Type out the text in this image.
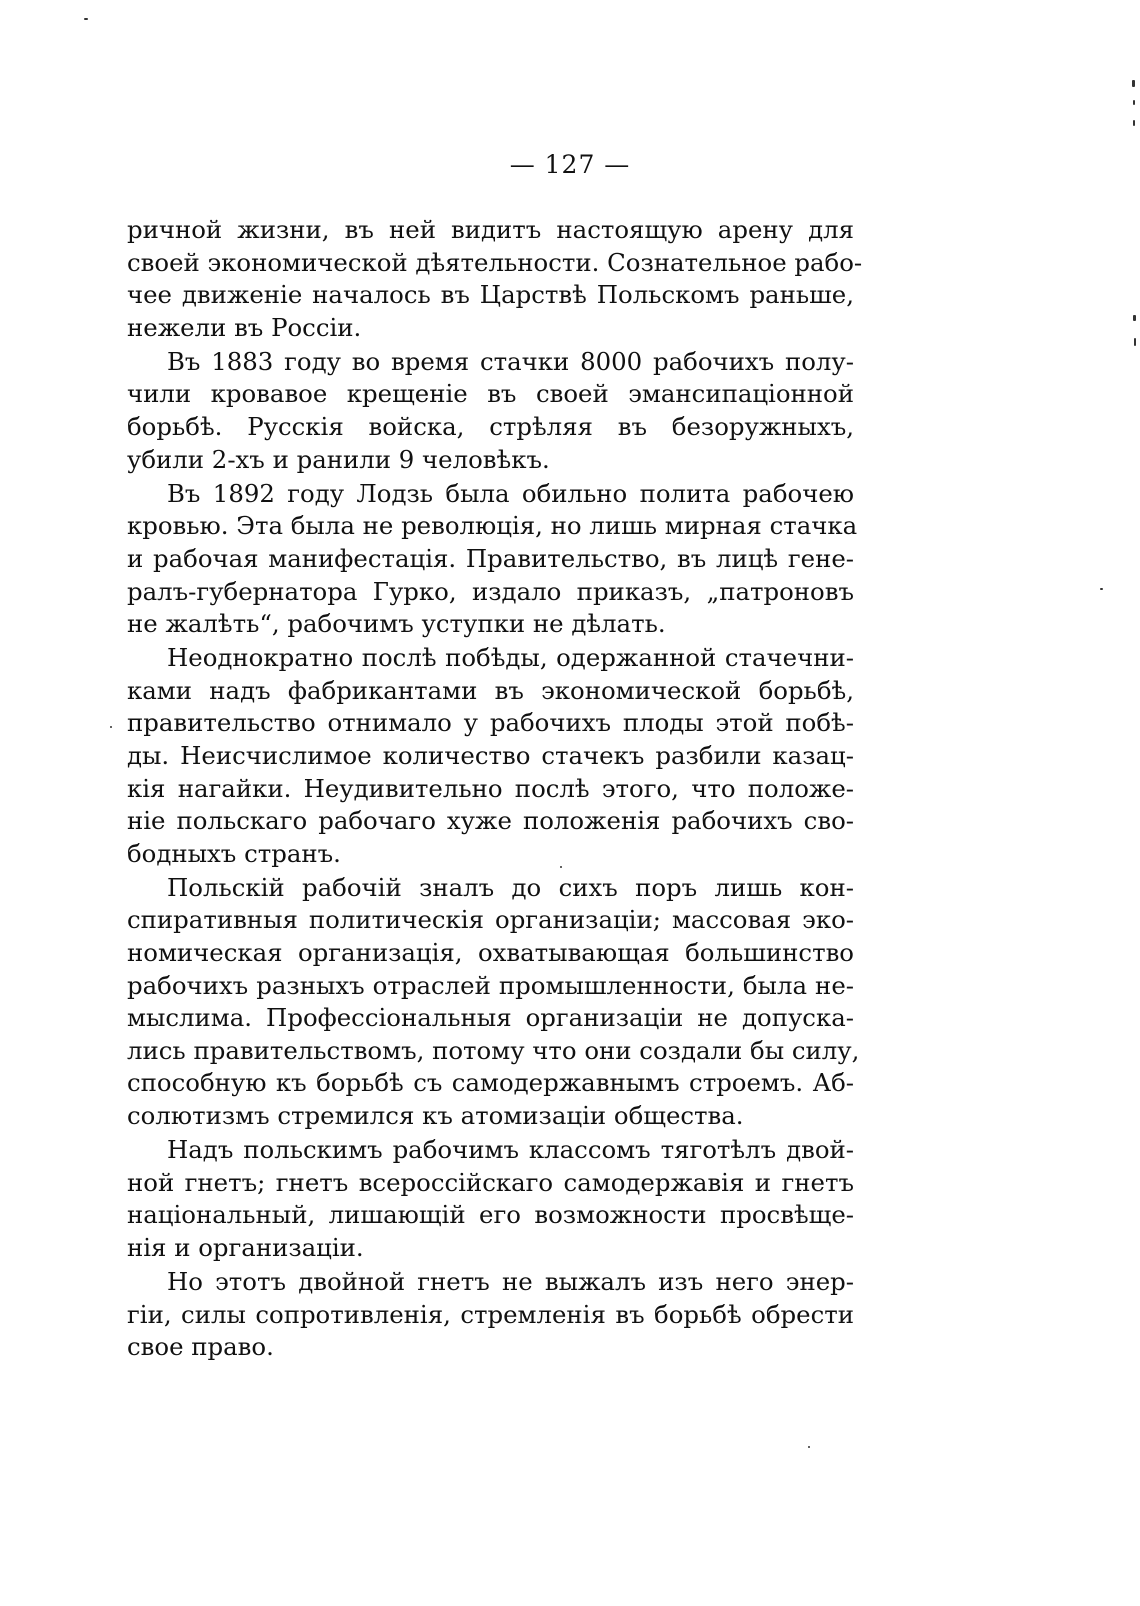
— 127 —
ричной жизни, въ ней видитъ настоящую арену для
своей экономической дѣятельности. Сознательное рабо-
чее движеніе началось въ Царствѣ Польскомъ раньше,
нежели въ Россіи.
Въ 1883 году во время стачки 8000 рабочихъ полу-
чили кровавое крещеніе въ своей эмансипаціонной
борьбѣ. Русскія войска, стрѣляя въ безоружныхъ,
убили 2-хъ и ранили 9 человѣкъ.
Въ 1892 году Лодзь была обильно полита рабочею
кровью. Эта была не революція, но лишь мирная стачка
и рабочая манифестація. Правительство, въ лицѣ гене-
ралъ-губернатора Гурко, издало приказъ, „патроновъ
не жалѣть“, рабочимъ уступки не дѣлать.
Неоднократно послѣ побѣды, одержанной стачечни-
ками надъ фабрикантами въ экономической борьбѣ,
правительство отнимало у рабочихъ плоды этой побѣ-
ды. Неисчислимое количество стачекъ разбили казац-
кія нагайки. Неудивительно послѣ этого, что положе-
ніе польскаго рабочаго хуже положенія рабочихъ сво-
бодныхъ странъ.
Польскій рабочій зналъ до сихъ поръ лишь кон-
спиративныя политическія организаціи; массовая эко-
номическая организація, охватывающая большинство
рабочихъ разныхъ отраслей промышленности, была не-
мыслима. Профессіональныя организаціи не допуска-
лись правительствомъ, потому что они создали бы силу,
способную къ борьбѣ съ самодержавнымъ строемъ. Аб-
солютизмъ стремился къ атомизаціи общества.
Надъ польскимъ рабочимъ классомъ тяготѣлъ двой-
ной гнетъ; гнетъ всероссійскаго самодержавія и гнетъ
національный, лишающій его возможности просвѣще-
нія и организаціи.
Но этотъ двойной гнетъ не выжалъ изъ него энер-
гіи, силы сопротивленія, стремленія въ борьбѣ обрести
свое право.
